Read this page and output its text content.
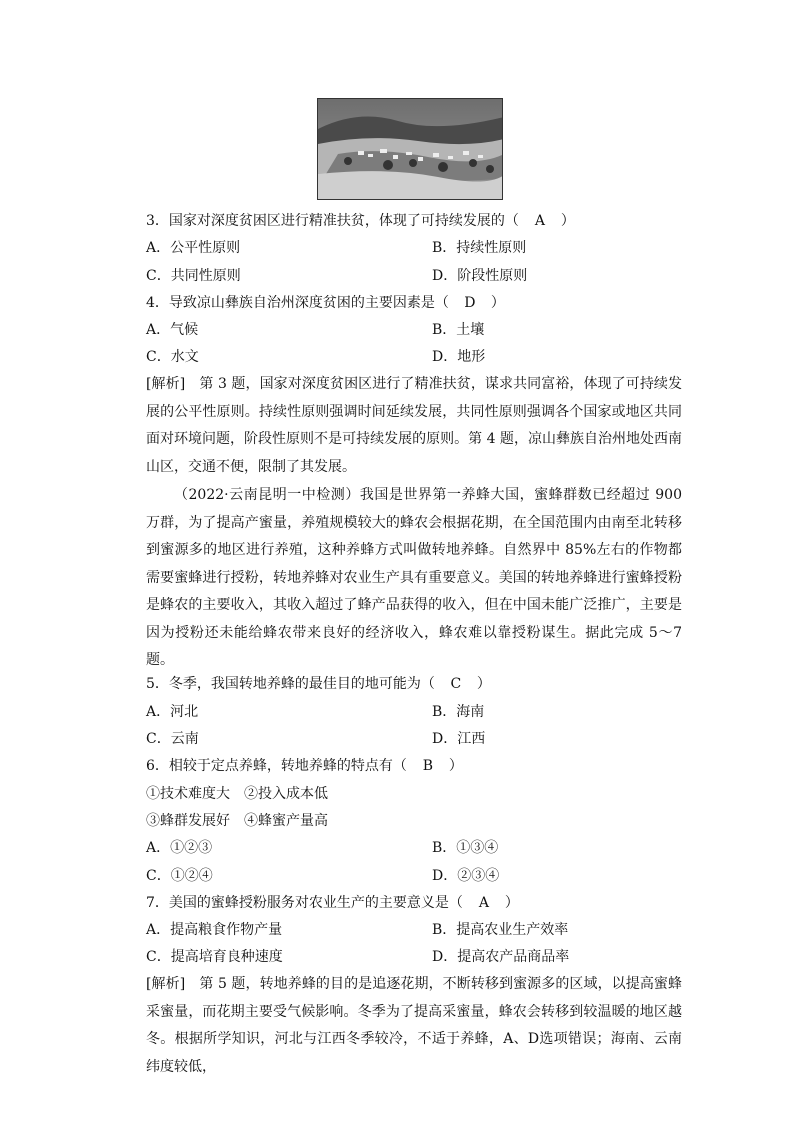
3．国家对深度贫困区进行精准扶贫，体现了可持续发展的（　A　）
A．公平性原则	B．持续性原则
C．共同性原则	D．阶段性原则
4．导致凉山彝族自治州深度贫困的主要因素是（　D　）
A．气候	B．土壤
C．水文	D．地形
[解析]　第 3 题，国家对深度贫困区进行了精准扶贫，谋求共同富裕，体现了可持续发展的公平性原则。持续性原则强调时间延续发展，共同性原则强调各个国家或地区共同面对环境问题，阶段性原则不是可持续发展的原则。第 4 题，凉山彝族自治州地处西南山区，交通不便，限制了其发展。
（2022·云南昆明一中检测）我国是世界第一养蜂大国，蜜蜂群数已经超过 900 万群，为了提高产蜜量，养殖规模较大的蜂农会根据花期，在全国范围内由南至北转移到蜜源多的地区进行养殖，这种养蜂方式叫做转地养蜂。自然界中 85%左右的作物都需要蜜蜂进行授粉，转地养蜂对农业生产具有重要意义。美国的转地养蜂进行蜜蜂授粉是蜂农的主要收入，其收入超过了蜂产品获得的收入，但在中国未能广泛推广，主要是因为授粉还未能给蜂农带来良好的经济收入，蜂农难以靠授粉谋生。据此完成 5～7 题。
5．冬季，我国转地养蜂的最佳目的地可能为（　C　）
A．河北	B．海南
C．云南	D．江西
6．相较于定点养蜂，转地养蜂的特点有（　B　）
①技术难度大　②投入成本低
③蜂群发展好　④蜂蜜产量高
A．①②③	B．①③④
C．①②④	D．②③④
7．美国的蜜蜂授粉服务对农业生产的主要意义是（　A　）
A．提高粮食作物产量	B．提高农业生产效率
C．提高培育良种速度	D．提高农产品商品率
[解析]　第 5 题，转地养蜂的目的是追逐花期，不断转移到蜜源多的区域，以提高蜜蜂采蜜量，而花期主要受气候影响。冬季为了提高采蜜量，蜂农会转移到较温暖的地区越冬。根据所学知识，河北与江西冬季较冷，不适于养蜂，A、D选项错误；海南、云南纬度较低，
